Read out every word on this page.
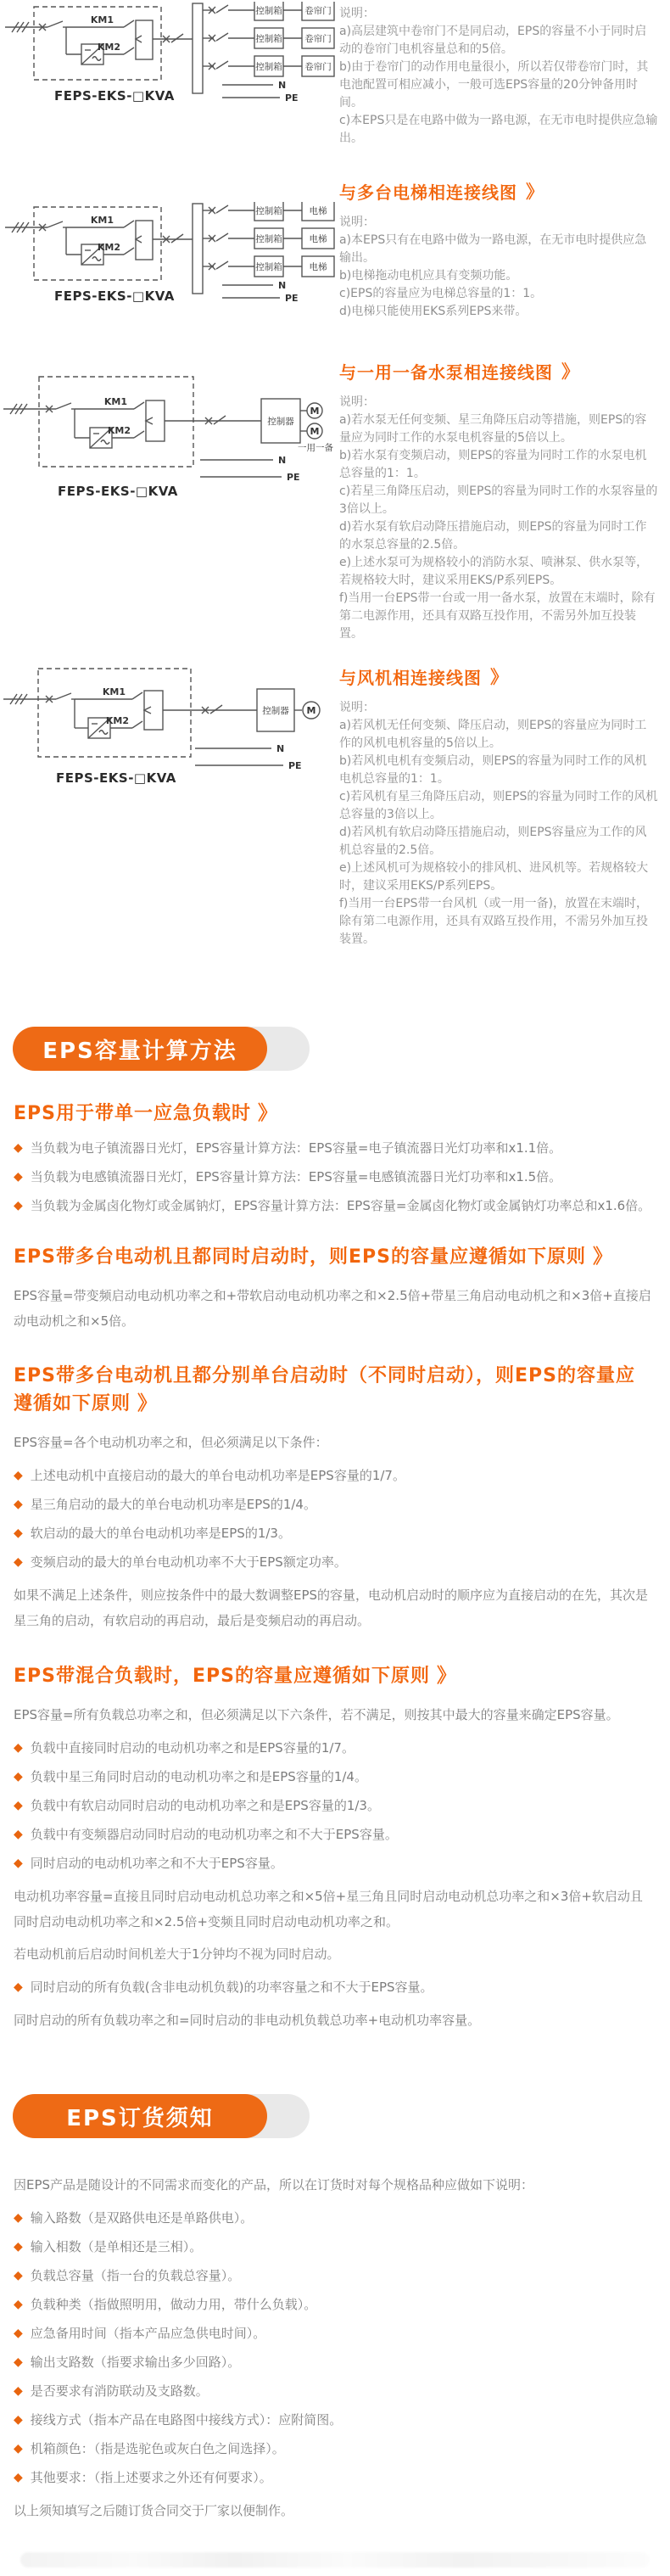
KM1
KM2
控制箱	卷帘门
控制箱	卷帘门
控制箱	卷帘门
N
PE
FEPS-EKS-□KVA

说明：

a)高层建筑中卷帘门不是同启动，EPS的容量不小于同时启动的卷帘门电机容量总和的5倍。
b)由于卷帘门的动作用电量很小，所以若仅带卷帘门时，其电池配置可相应减小，一般可选EPS容量的20分钟备用时间。
c)本EPS只是在电路中做为一路电源，在无市电时提供应急输出。
KM1
KM2
控制箱	电梯
控制箱	电梯
控制箱	电梯
N
PE
FEPS-EKS-□KVA
与多台电梯相连接线图 》

说明：

a)本EPS只有在电路中做为一路电源，在无市电时提供应急输出。
b)电梯拖动电机应具有变频功能。
c)EPS的容量应为电梯总容量的1：1。
d)电梯只能使用EKS系列EPS来带。
KM1
KM2
控制器
M
M
一用一备
N
PE
FEPS-EKS-□KVA
与一用一备水泵相连接线图 》

说明：

a)若水泵无任何变频、星三角降压启动等措施，则EPS的容量应为同时工作的水泵电机容量的5倍以上。
b)若水泵有变频启动，则EPS的容量为同时工作的水泵电机总容量的1：1。
c)若星三角降压启动，则EPS的容量为同时工作的水泵容量的3倍以上。
d)若水泵有软启动降压措施启动，则EPS的容量为同时工作的水泵总容量的2.5倍。
e)上述水泵可为规格较小的消防水泵、喷淋泵、供水泵等，若规格较大时，建议采用EKS/P系列EPS。
f)当用一台EPS带一台或一用一备水泵，放置在末端时，除有第二电源作用，还具有双路互投作用，不需另外加互投装置。
KM1
KM2
控制器 M
N
PE
FEPS-EKS-□KVA
与风机相连接线图 》

说明：

a)若风机无任何变频、降压启动，则EPS的容量应为同时工作的风机电机容量的5倍以上。
b)若风机电机有变频启动，则EPS的容量为同时工作的风机电机总容量的1：1。
c)若风机有星三角降压启动，则EPS的容量为同时工作的风机总容量的3倍以上。
d)若风机有软启动降压措施启动，则EPS容量应为工作的风机总容量的2.5倍。
e)上述风机可为规格较小的排风机、进风机等。若规格较大时，建议采用EKS/P系列EPS。
f)当用一台EPS带一台风机（或一用一备)，放置在末端时，除有第二电源作用，还具有双路互投作用，不需另外加互投装置。
EPS容量计算方法
EPS用于带单一应急负载时 》
◆ 当负载为电子镇流器日光灯，EPS容量计算方法：EPS容量=电子镇流器日光灯功率和x1.1倍。
◆ 当负载为电感镇流器日光灯，EPS容量计算方法：EPS容量=电感镇流器日光灯功率和x1.5倍。
◆ 当负载为金属卤化物灯或金属钠灯，EPS容量计算方法：EPS容量=金属卤化物灯或金属钠灯功率总和x1.6倍。
EPS带多台电动机且都同时启动时，则EPS的容量应遵循如下原则 》

EPS容量=带变频启动电动机功率之和+带软启动电动机功率之和×2.5倍+带星三角启动电动机之和×3倍+直接启动电动机之和×5倍。

EPS带多台电动机且都分别单台启动时（不同时启动），则EPS的容量应遵循如下原则 》

EPS容量=各个电动机功率之和，但必须满足以下条件：

◆ 上述电动机中直接启动的最大的单台电动机功率是EPS容量的1/7。
◆ 星三角启动的最大的单台电动机功率是EPS的1/4。
◆ 软启动的最大的单台电动机功率是EPS的1/3。
◆ 变频启动的最大的单台电动机功率不大于EPS额定功率。

如果不满足上述条件，则应按条件中的最大数调整EPS的容量，电动机启动时的顺序应为直接启动的在先，其次是星三角的启动，有软启动的再启动，最后是变频启动的再启动。

EPS带混合负载时，EPS的容量应遵循如下原则 》

EPS容量=所有负载总功率之和，但必须满足以下六条件，若不满足，则按其中最大的容量来确定EPS容量。

◆ 负载中直接同时启动的电动机功率之和是EPS容量的1/7。
◆ 负载中星三角同时启动的电动机功率之和是EPS容量的1/4。
◆ 负载中有软启动同时启动的电动机功率之和是EPS容量的1/3。
◆ 负载中有变频器启动同时启动的电动机功率之和不大于EPS容量。
◆ 同时启动的电动机功率之和不大于EPS容量。

电动机功率容量=直接且同时启动电动机总功率之和×5倍+星三角且同时启动电动机总功率之和×3倍+软启动且同时启动电动机功率之和×2.5倍+变频且同时启动电动机功率之和。

若电动机前后启动时间机差大于1分钟均不视为同时启动。

◆ 同时启动的所有负载(含非电动机负载)的功率容量之和不大于EPS容量。

同时启动的所有负载功率之和=同时启动的非电动机负载总功率+电动机功率容量。

EPS订货须知

因EPS产品是随设计的不同需求而变化的产品，所以在订货时对每个规格品种应做如下说明：

◆ 输入路数（是双路供电还是单路供电）。
◆ 输入相数（是单相还是三相）。
◆ 负载总容量（指一台的负载总容量）。
◆ 负载种类（指做照明用，做动力用，带什么负载）。
◆ 应急备用时间（指本产品应急供电时间）。
◆ 输出支路数（指要求输出多少回路）。
◆ 是否要求有消防联动及支路数。
◆ 接线方式（指本产品在电路图中接线方式）：应附简图。
◆ 机箱颜色：（指是选驼色或灰白色之间选择）。
◆ 其他要求：（指上述要求之外还有何要求）。

以上须知填写之后随订货合同交于厂家以便制作。
